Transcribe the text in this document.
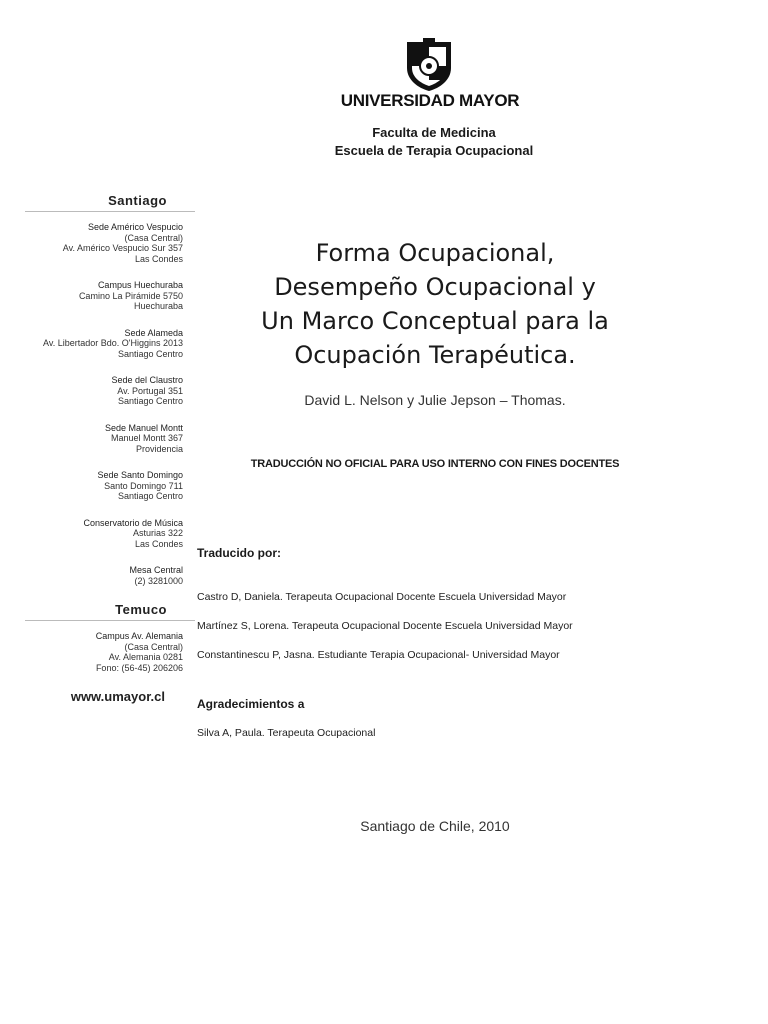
UNIVERSIDAD MAYOR
Faculta de Medicina
Escuela de Terapia Ocupacional
Santiago
Sede Américo Vespucio
(Casa Central)
Av. Américo Vespucio Sur 357
Las Condes
Campus Huechuraba
Camino La Pirámide 5750
Huechuraba
Sede Alameda
Av. Libertador Bdo. O'Higgins 2013
Santiago Centro
Sede del Claustro
Av. Portugal 351
Santiago Centro
Sede Manuel Montt
Manuel Montt 367
Providencia
Sede Santo Domingo
Santo Domingo 711
Santiago Centro
Conservatorio de Música
Asturias 322
Las Condes
Mesa Central
(2) 3281000
Temuco
Campus Av. Alemania
(Casa Central)
Av. Alemania 0281
Fono: (56-45) 206206
www.umayor.cl
Forma Ocupacional,
Desempeño Ocupacional y
Un Marco Conceptual para la
Ocupación Terapéutica.
David L. Nelson y Julie Jepson – Thomas.
TRADUCCIÓN NO OFICIAL PARA USO INTERNO CON FINES DOCENTES
Traducido por:
Castro D, Daniela. Terapeuta Ocupacional Docente Escuela Universidad Mayor
Martínez S, Lorena. Terapeuta Ocupacional Docente Escuela Universidad Mayor
Constantinescu P, Jasna. Estudiante Terapia Ocupacional- Universidad Mayor
Agradecimientos a
Silva A, Paula. Terapeuta Ocupacional
Santiago de Chile, 2010
